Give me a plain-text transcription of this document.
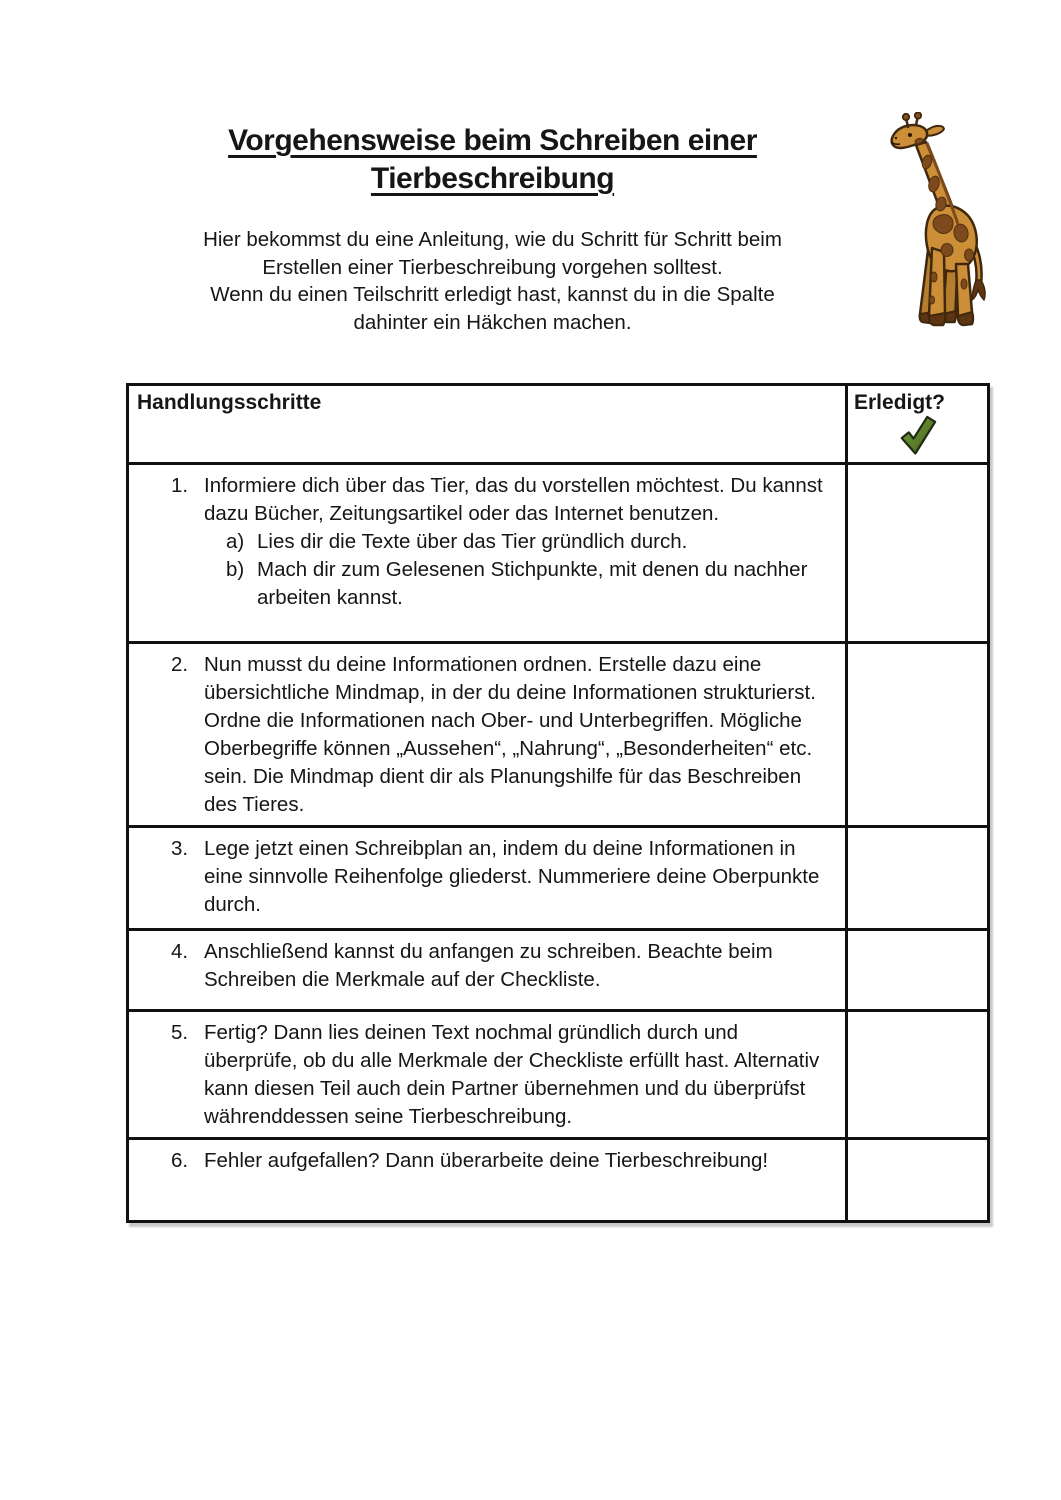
Vorgehensweise beim Schreiben einer
Tierbeschreibung
Hier bekommst du eine Anleitung, wie du Schritt für Schritt beim
Erstellen einer Tierbeschreibung vorgehen solltest.
Wenn du einen Teilschritt erledigt hast, kannst du in die Spalte
dahinter ein Häkchen machen.
Handlungsschritte	Erledigt?

1. Informiere dich über das Tier, das du vorstellen möchtest. Du kannst dazu Bücher, Zeitungsartikel oder das Internet benutzen.
a) Lies dir die Texte über das Tier gründlich durch.
b) Mach dir zum Gelesenen Stichpunkte, mit denen du nachher arbeiten kannst.

2. Nun musst du deine Informationen ordnen. Erstelle dazu eine übersichtliche Mindmap, in der du deine Informationen strukturierst. Ordne die Informationen nach Ober- und Unterbegriffen. Mögliche Oberbegriffe können „Aussehen“, „Nahrung“, „Besonderheiten“ etc. sein. Die Mindmap dient dir als Planungshilfe für das Beschreiben des Tieres.	

3. Lege jetzt einen Schreibplan an, indem du deine Informationen in eine sinnvolle Reihenfolge gliederst. Nummeriere deine Oberpunkte durch.	

4. Anschließend kannst du anfangen zu schreiben. Beachte beim Schreiben die Merkmale auf der Checkliste.	

5. Fertig? Dann lies deinen Text nochmal gründlich durch und überprüfe, ob du alle Merkmale der Checkliste erfüllt hast. Alternativ kann diesen Teil auch dein Partner übernehmen und du überprüfst währenddessen seine Tierbeschreibung.	

6. Fehler aufgefallen? Dann überarbeite deine Tierbeschreibung!	
